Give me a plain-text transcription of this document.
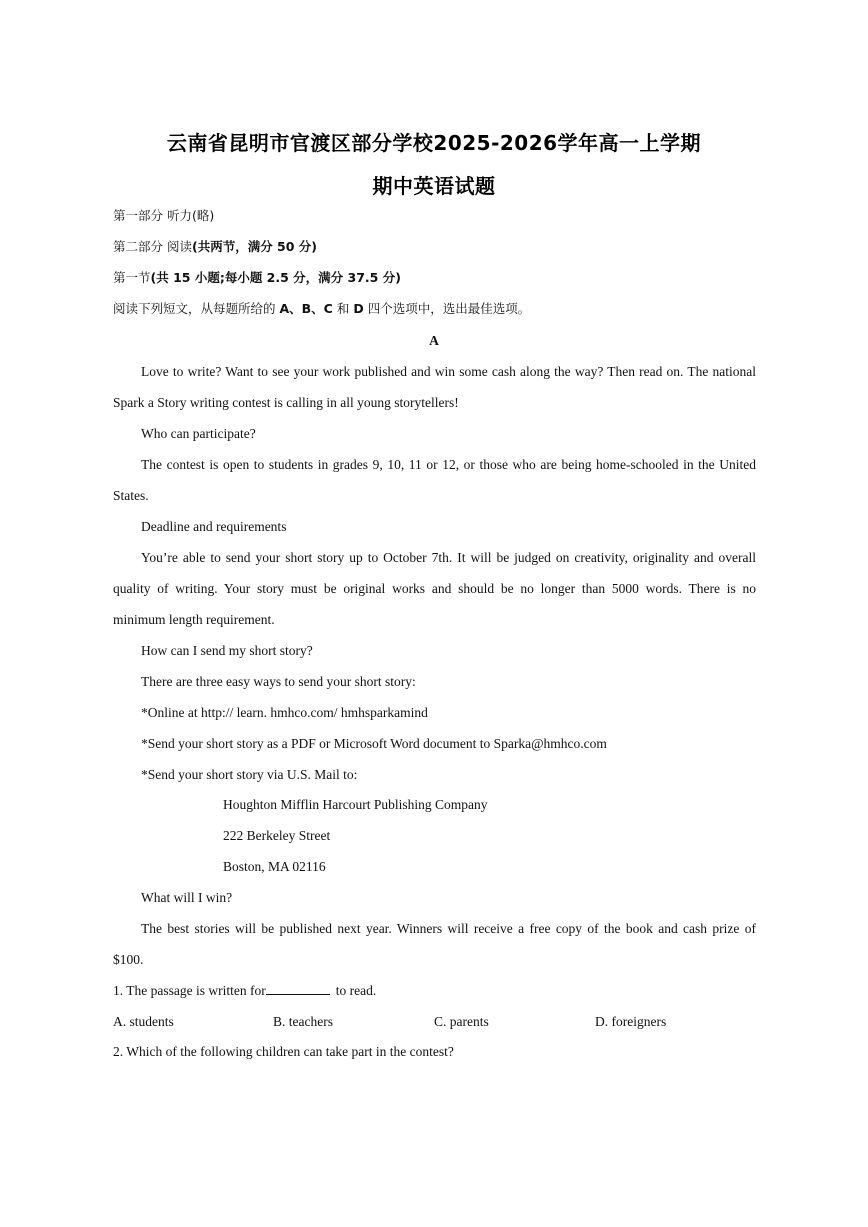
云南省昆明市官渡区部分学校2025-2026学年高一上学期
期中英语试题
第一部分 听力(略)
第二部分 阅读(共两节，满分 50 分)
第一节(共 15 小题;每小题 2.5 分，满分 37.5 分)
阅读下列短文，从每题所给的 A、B、C 和 D 四个选项中，选出最佳选项。
A
Love to write? Want to see your work published and win some cash along the way? Then read on. The national
Spark a Story writing contest is calling in all young storytellers!
Who can participate?
The contest is open to students in grades 9, 10, 11 or 12, or those who are being home-schooled in the United
States.
Deadline and requirements
You’re able to send your short story up to October 7th. It will be judged on creativity, originality and overall
quality of writing. Your story must be original works and should be no longer than 5000 words. There is no
minimum length requirement.
How can I send my short story?
There are three easy ways to send your short story:
*Online at http:// learn. hmhco.com/ hmhsparkamind
*Send your short story as a PDF or Microsoft Word document to Sparka@hmhco.com
*Send your short story via U.S. Mail to:
Houghton Mifflin Harcourt Publishing Company
222 Berkeley Street
Boston, MA 02116
What will I win?
The best stories will be published next year. Winners will receive a free copy of the book and cash prize of
$100.
1. The passage is written for	to read.
A. students	B. teachers	C. parents	D. foreigners
2. Which of the following children can take part in the contest?
